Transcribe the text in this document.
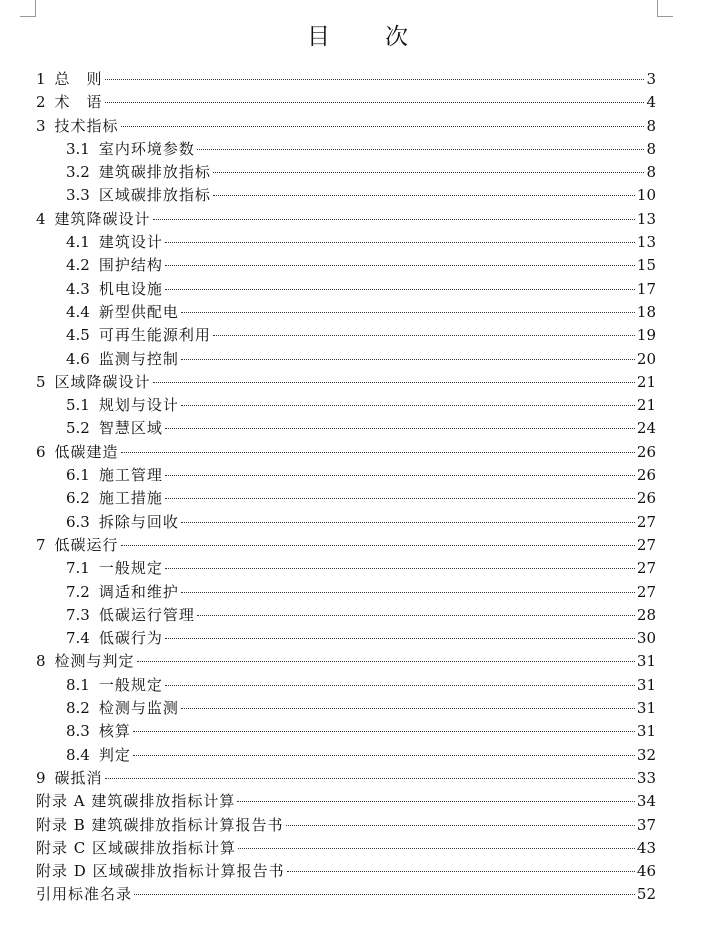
目　次
1 总　则	3
2 术　语	4
3 技术指标	8
3.1 室内环境参数	8
3.2 建筑碳排放指标	8
3.3 区域碳排放指标	10
4 建筑降碳设计	13
4.1 建筑设计	13
4.2 围护结构	15
4.3 机电设施	17
4.4 新型供配电	18
4.5 可再生能源利用	19
4.6 监测与控制	20
5 区域降碳设计	21
5.1 规划与设计	21
5.2 智慧区域	24
6 低碳建造	26
6.1 施工管理	26
6.2 施工措施	26
6.3 拆除与回收	27
7 低碳运行	27
7.1 一般规定	27
7.2 调适和维护	27
7.3 低碳运行管理	28
7.4 低碳行为	30
8 检测与判定	31
8.1 一般规定	31
8.2 检测与监测	31
8.3 核算	31
8.4 判定	32
9 碳抵消	33
附录 A 建筑碳排放指标计算	34
附录 B 建筑碳排放指标计算报告书	37
附录 C 区域碳排放指标计算	43
附录 D 区域碳排放指标计算报告书	46
引用标准名录	52
